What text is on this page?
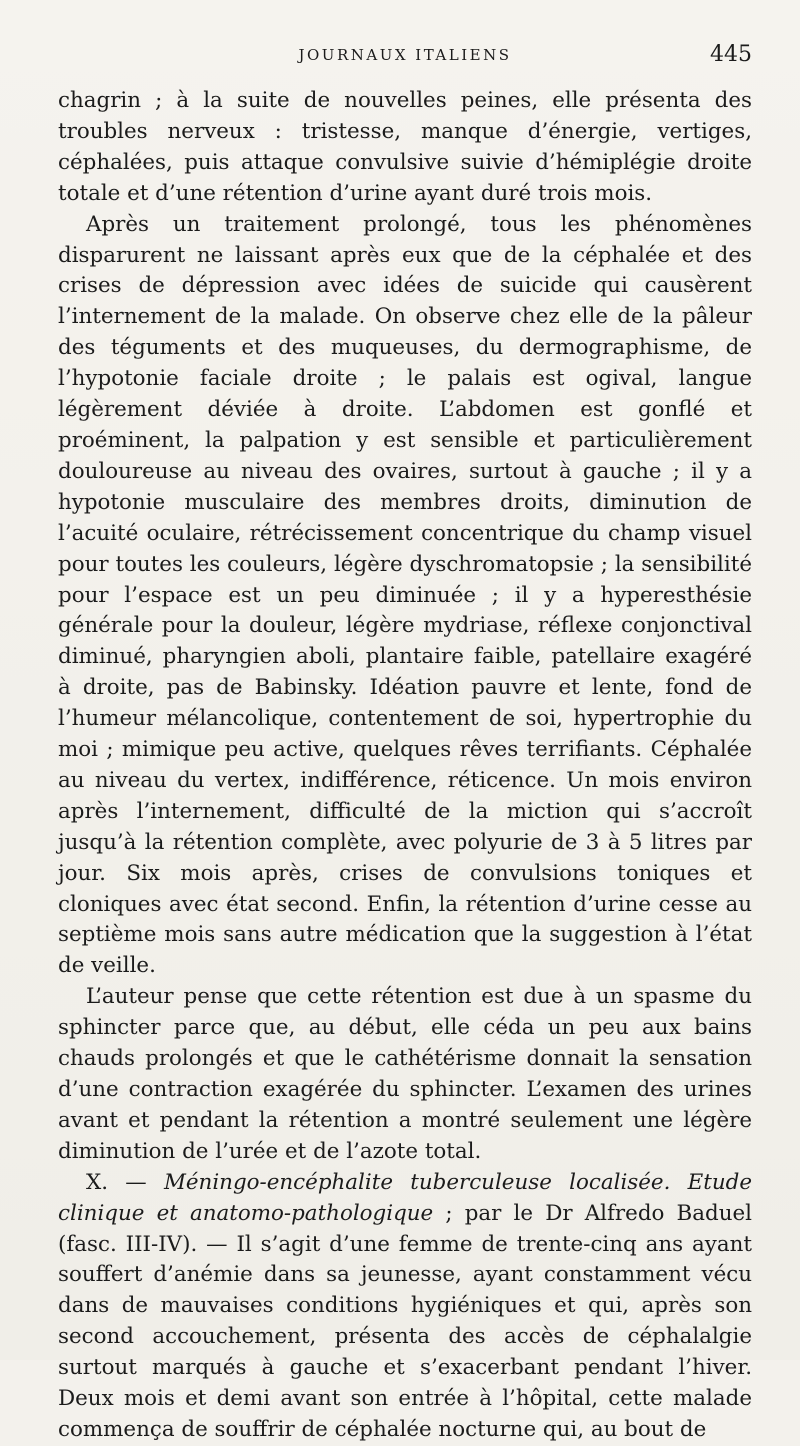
JOURNAUX ITALIENS	445

chagrin ; à la suite de nouvelles peines, elle présenta des troubles nerveux : tristesse, manque d’énergie, vertiges, céphalées, puis attaque convulsive suivie d’hémiplégie droite totale et d’une rétention d’urine ayant duré trois mois.

Après un traitement prolongé, tous les phénomènes disparurent ne laissant après eux que de la céphalée et des crises de dépression avec idées de suicide qui causèrent l’internement de la malade. On observe chez elle de la pâleur des téguments et des muqueuses, du dermographisme, de l’hypotonie faciale droite ; le palais est ogival, langue légèrement déviée à droite. L’abdomen est gonflé et proéminent, la palpation y est sensible et particulièrement douloureuse au niveau des ovaires, surtout à gauche ; il y a hypotonie musculaire des membres droits, diminution de l’acuité oculaire, rétrécissement concentrique du champ visuel pour toutes les couleurs, légère dyschromatopsie ; la sensibilité pour l’espace est un peu diminuée ; il y a hyperesthésie générale pour la douleur, légère mydriase, réflexe conjonctival diminué, pharyngien aboli, plantaire faible, patellaire exagéré à droite, pas de Babinsky. Idéation pauvre et lente, fond de l’humeur mélancolique, contentement de soi, hypertrophie du moi ; mimique peu active, quelques rêves terrifiants. Céphalée au niveau du vertex, indifférence, réticence. Un mois environ après l’internement, difficulté de la miction qui s’accroît jusqu’à la rétention complète, avec polyurie de 3 à 5 litres par jour. Six mois après, crises de convulsions toniques et cloniques avec état second. Enfin, la rétention d’urine cesse au septième mois sans autre médication que la suggestion à l’état de veille.

L’auteur pense que cette rétention est due à un spasme du sphincter parce que, au début, elle céda un peu aux bains chauds prolongés et que le cathétérisme donnait la sensation d’une contraction exagérée du sphincter. L’examen des urines avant et pendant la rétention a montré seulement une légère diminution de l’urée et de l’azote total.

X. — Méningo-encéphalite tuberculeuse localisée. Etude clinique et anatomo-pathologique ; par le Dr Alfredo Baduel (fasc. III-IV). — Il s’agit d’une femme de trente-cinq ans ayant souffert d’anémie dans sa jeunesse, ayant constamment vécu dans de mauvaises conditions hygiéniques et qui, après son second accouchement, présenta des accès de céphalalgie surtout marqués à gauche et s’exacerbant pendant l’hiver. Deux mois et demi avant son entrée à l’hôpital, cette malade commença de souffrir de céphalée nocturne qui, au bout de
